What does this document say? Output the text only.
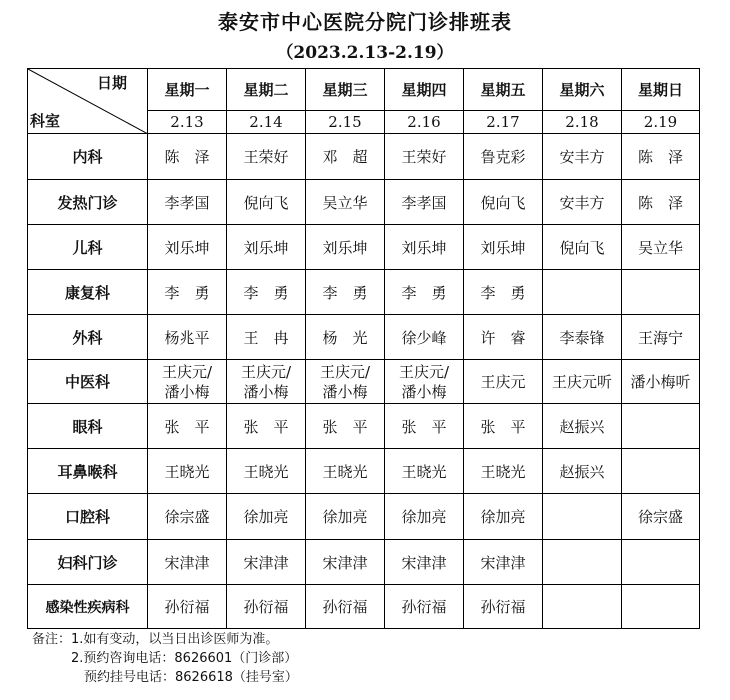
泰安市中心医院分院门诊排班表
（2023.2.13-2.19）
日期
科室	星期一	星期二	星期三	星期四	星期五	星期六	星期日
	2.13	2.14	2.15	2.16	2.17	2.18	2.19
内科	陈　泽	王荣好	邓　超	王荣好	鲁克彩	安丰方	陈　泽
发热门诊	李孝国	倪向飞	吴立华	李孝国	倪向飞	安丰方	陈　泽
儿科	刘乐坤	刘乐坤	刘乐坤	刘乐坤	刘乐坤	倪向飞	吴立华
康复科	李　勇	李　勇	李　勇	李　勇	李　勇		
外科	杨兆平	王　冉	杨　光	徐少峰	许　睿	李泰锋	王海宁
中医科	王庆元/
潘小梅	王庆元/
潘小梅	王庆元/
潘小梅	王庆元/
潘小梅	王庆元	王庆元听	潘小梅听
眼科	张　平	张　平	张　平	张　平	张　平	赵振兴	
耳鼻喉科	王晓光	王晓光	王晓光	王晓光	王晓光	赵振兴	
口腔科	徐宗盛	徐加亮	徐加亮	徐加亮	徐加亮		徐宗盛
妇科门诊	宋津津	宋津津	宋津津	宋津津	宋津津		
感染性疾病科	孙衍福	孙衍福	孙衍福	孙衍福	孙衍福		
备注：1.如有变动，以当日出诊医师为准。
　　　2.预约咨询电话：8626601（门诊部）
　　　　预约挂号电话：8626618（挂号室）
